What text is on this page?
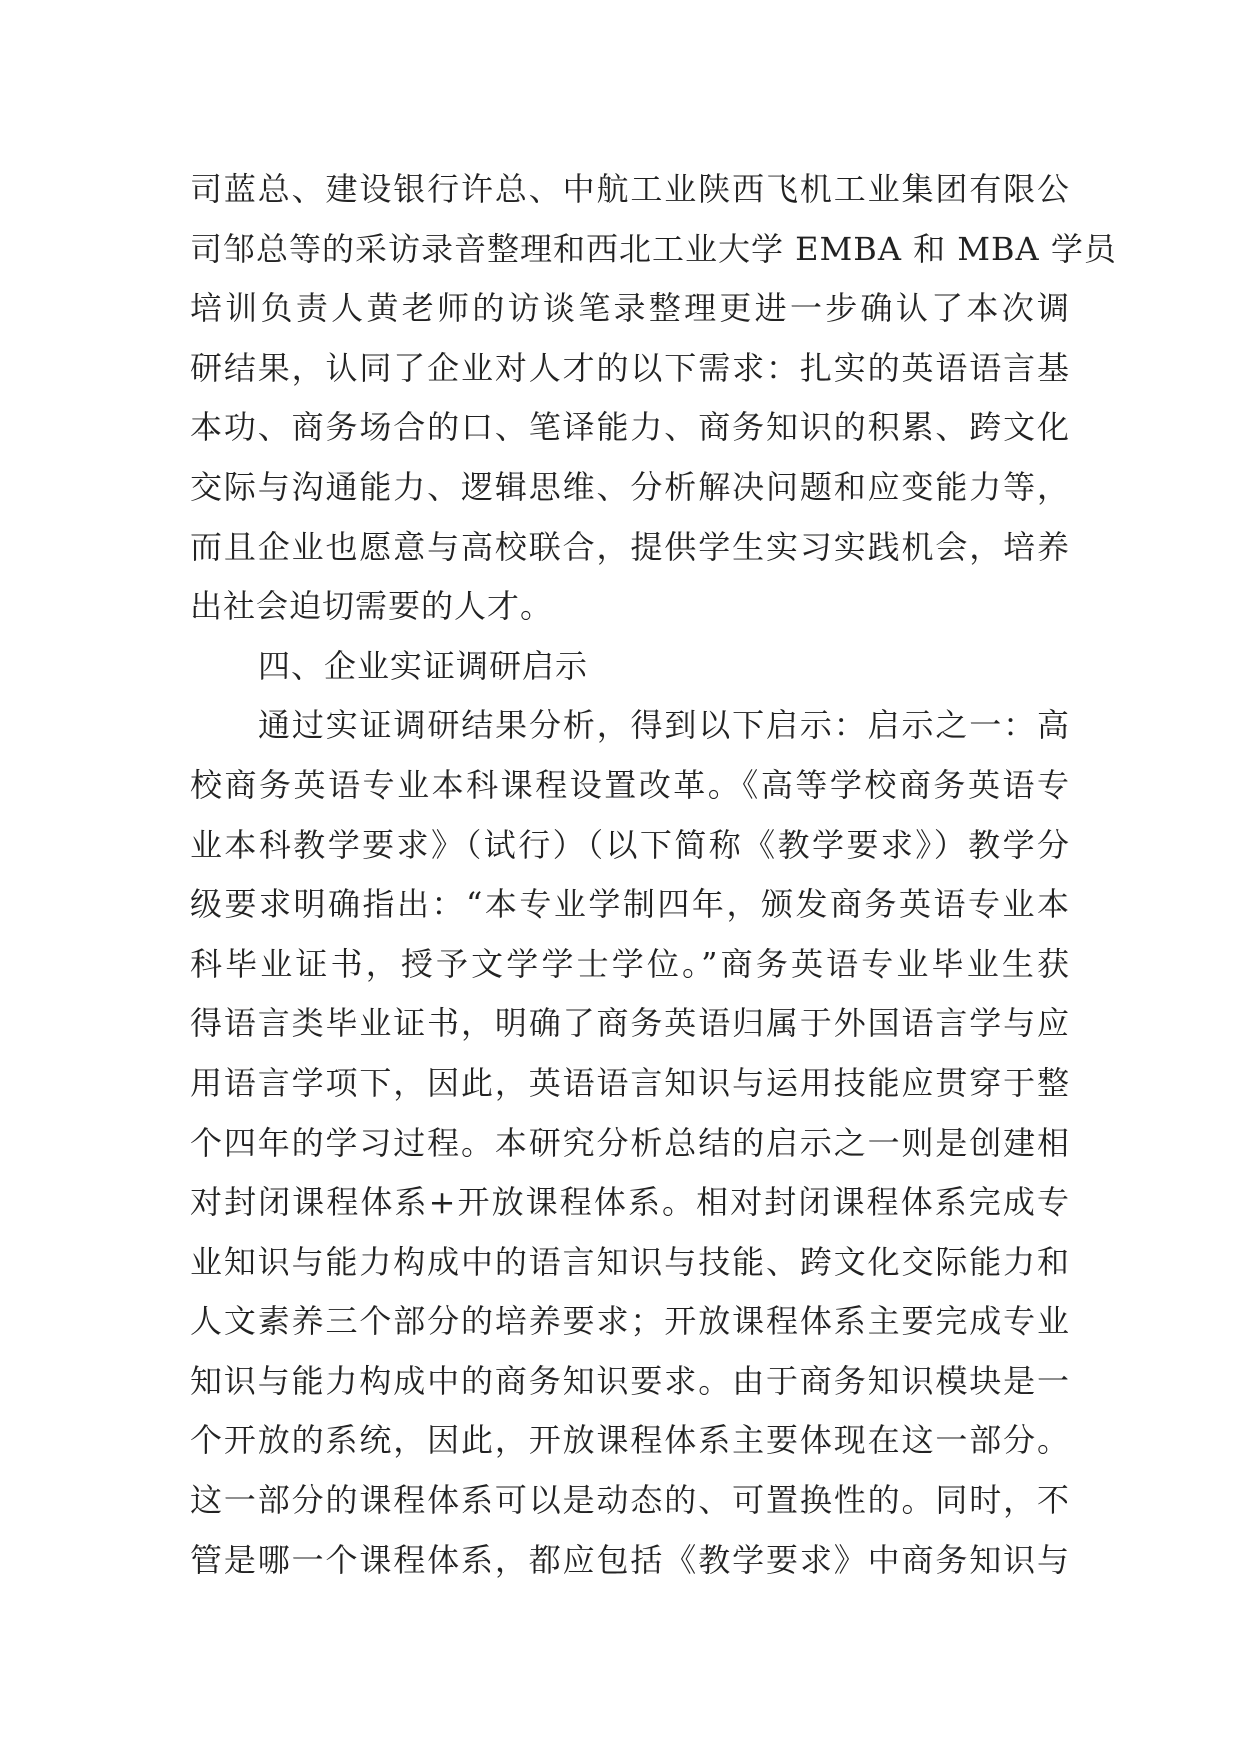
司蓝总、建设银行许总、中航工业陕西飞机工业集团有限公
司邹总等的采访录音整理和西北工业大学 EMBA 和 MBA 学员
培训负责人黄老师的访谈笔录整理更进一步确认了本次调
研结果，认同了企业对人才的以下需求：扎实的英语语言基
本功、商务场合的口、笔译能力、商务知识的积累、跨文化
交际与沟通能力、逻辑思维、分析解决问题和应变能力等，
而且企业也愿意与高校联合，提供学生实习实践机会，培养
出社会迫切需要的人才。
四、企业实证调研启示
通过实证调研结果分析，得到以下启示：启示之一：高
校商务英语专业本科课程设置改革。《高等学校商务英语专
业本科教学要求》（试行）（以下简称《教学要求》）教学分
级要求明确指出：“本专业学制四年，颁发商务英语专业本
科毕业证书，授予文学学士学位。”商务英语专业毕业生获
得语言类毕业证书，明确了商务英语归属于外国语言学与应
用语言学项下，因此，英语语言知识与运用技能应贯穿于整
个四年的学习过程。本研究分析总结的启示之一则是创建相
对封闭课程体系+开放课程体系。相对封闭课程体系完成专
业知识与能力构成中的语言知识与技能、跨文化交际能力和
人文素养三个部分的培养要求；开放课程体系主要完成专业
知识与能力构成中的商务知识要求。由于商务知识模块是一
个开放的系统，因此，开放课程体系主要体现在这一部分。
这一部分的课程体系可以是动态的、可置换性的。同时，不
管是哪一个课程体系，都应包括《教学要求》中商务知识与
